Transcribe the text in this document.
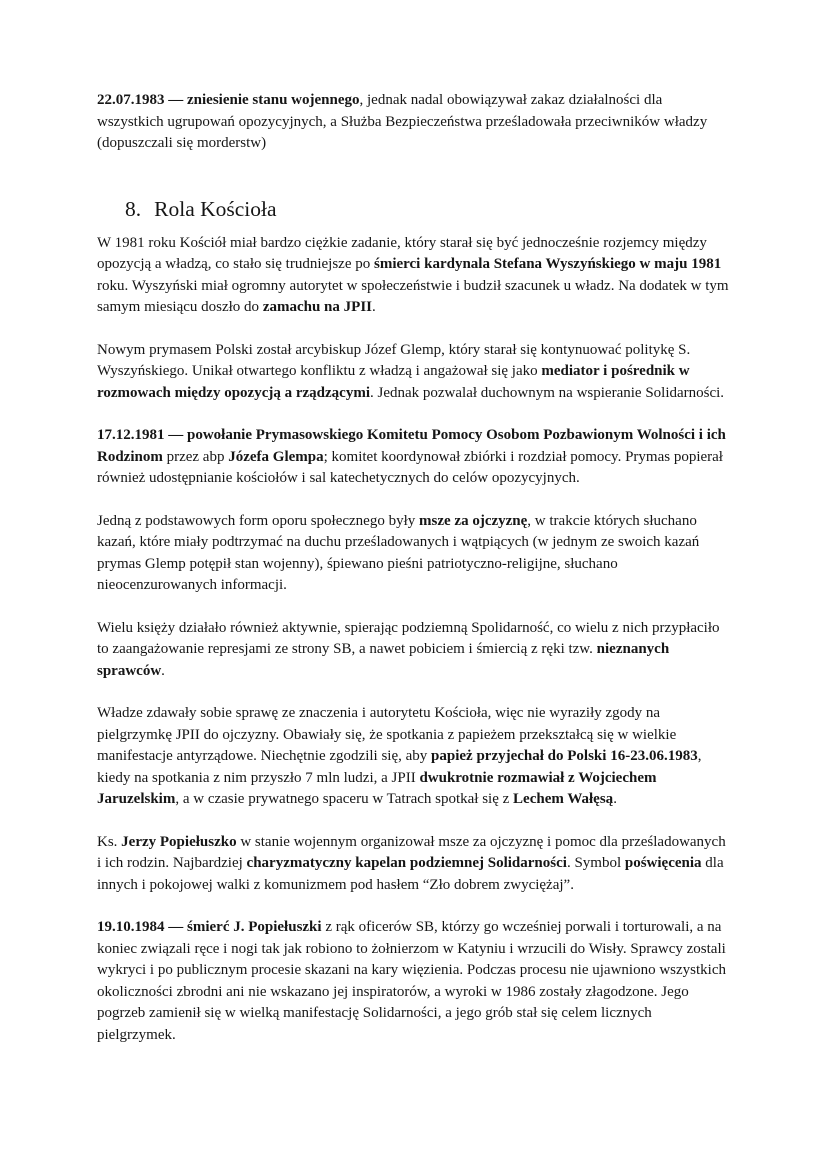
22.07.1983 — zniesienie stanu wojennego, jednak nadal obowiązywał zakaz działalności dla wszystkich ugrupowań opozycyjnych, a Służba Bezpieczeństwa prześladowała przeciwników władzy (dopuszczali się morderstw)

8. Rola Kościoła

W 1981 roku Kościół miał bardzo ciężkie zadanie, który starał się być jednocześnie rozjemcy między opozycją a władzą, co stało się trudniejsze po śmierci kardynala Stefana Wyszyńskiego w maju 1981 roku. Wyszyński miał ogromny autorytet w społeczeństwie i budził szacunek u władz. Na dodatek w tym samym miesiącu doszło do zamachu na JPII.

Nowym prymasem Polski został arcybiskup Józef Glemp, który starał się kontynuować politykę S. Wyszyńskiego. Unikał otwartego konfliktu z władzą i angażował się jako mediator i pośrednik w rozmowach między opozycją a rządzącymi. Jednak pozwalał duchownym na wspieranie Solidarności.

17.12.1981 — powołanie Prymasowskiego Komitetu Pomocy Osobom Pozbawionym Wolności i ich Rodzinom przez abp Józefa Glempa; komitet koordynował zbiórki i rozdział pomocy. Prymas popierał również udostępnianie kościołów i sal katechetycznych do celów opozycyjnych.

Jedną z podstawowych form oporu społecznego były msze za ojczyznę, w trakcie których słuchano kazań, które miały podtrzymać na duchu prześladowanych i wątpiących (w jednym ze swoich kazań prymas Glemp potępił stan wojenny), śpiewano pieśni patriotyczno-religijne, słuchano nieocenzurowanych informacji.

Wielu księży działało również aktywnie, spierając podziemną Spolidarność, co wielu z nich przypłaciło to zaangażowanie represjami ze strony SB, a nawet pobiciem i śmiercią z ręki tzw. nieznanych sprawców.

Władze zdawały sobie sprawę ze znaczenia i autorytetu Kościoła, więc nie wyraziły zgody na pielgrzymkę JPII do ojczyzny. Obawiały się, że spotkania z papieżem przekształcą się w wielkie manifestacje antyrządowe. Niechętnie zgodzili się, aby papież przyjechał do Polski 16-23.06.1983, kiedy na spotkania z nim przyszło 7 mln ludzi, a JPII dwukrotnie rozmawiał z Wojciechem Jaruzelskim, a w czasie prywatnego spaceru w Tatrach spotkał się z Lechem Wałęsą.

Ks. Jerzy Popiełuszko w stanie wojennym organizował msze za ojczyznę i pomoc dla prześladowanych i ich rodzin. Najbardziej charyzmatyczny kapelan podziemnej Solidarności. Symbol poświęcenia dla innych i pokojowej walki z komunizmem pod hasłem “Zło dobrem zwyciężaj”.

19.10.1984 — śmierć J. Popiełuszki z rąk oficerów SB, którzy go wcześniej porwali i torturowali, a na koniec związali ręce i nogi tak jak robiono to żołnierzom w Katyniu i wrzucili do Wisły. Sprawcy zostali wykryci i po publicznym procesie skazani na kary więzienia. Podczas procesu nie ujawniono wszystkich okoliczności zbrodni ani nie wskazano jej inspiratorów, a wyroki w 1986 zostały złagodzone. Jego pogrzeb zamienił się w wielką manifestację Solidarności, a jego grób stał się celem licznych pielgrzymek.
